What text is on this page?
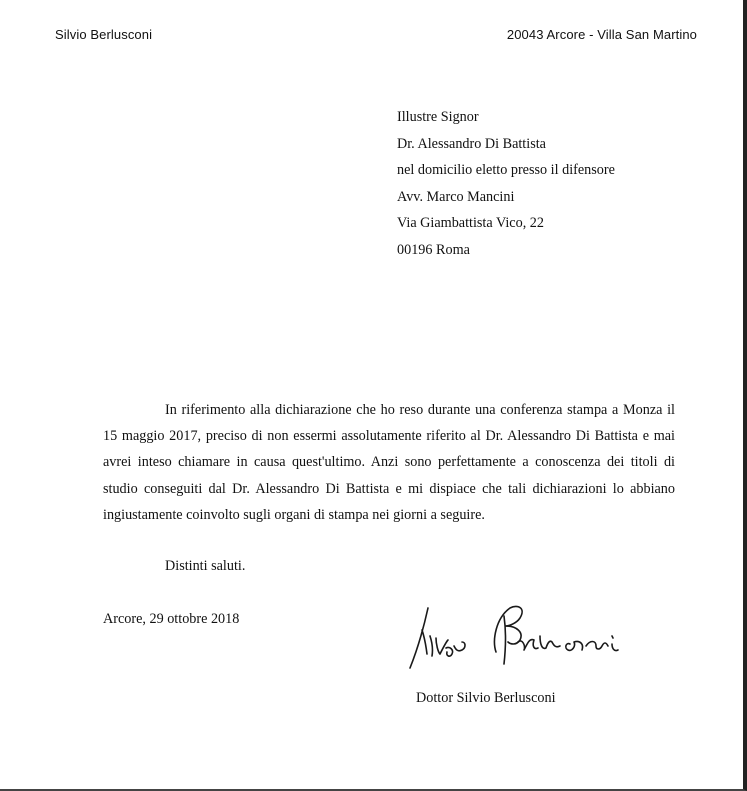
Silvio Berlusconi	20043 Arcore - Villa San Martino
Illustre Signor
Dr. Alessandro Di Battista
nel domicilio eletto presso il difensore
Avv. Marco Mancini
Via Giambattista Vico, 22
00196 Roma

In riferimento alla dichiarazione che ho reso durante una conferenza stampa a Monza il 15 maggio 2017, preciso di non essermi assolutamente riferito al Dr. Alessandro Di Battista e mai avrei inteso chiamare in causa quest'ultimo. Anzi sono perfettamente a conoscenza dei titoli di studio conseguiti dal Dr. Alessandro Di Battista e mi dispiace che tali dichiarazioni lo abbiano ingiustamente coinvolto sugli organi di stampa nei giorni a seguire.

Distinti saluti.
Arcore, 29 ottobre 2018
Dottor Silvio Berlusconi
